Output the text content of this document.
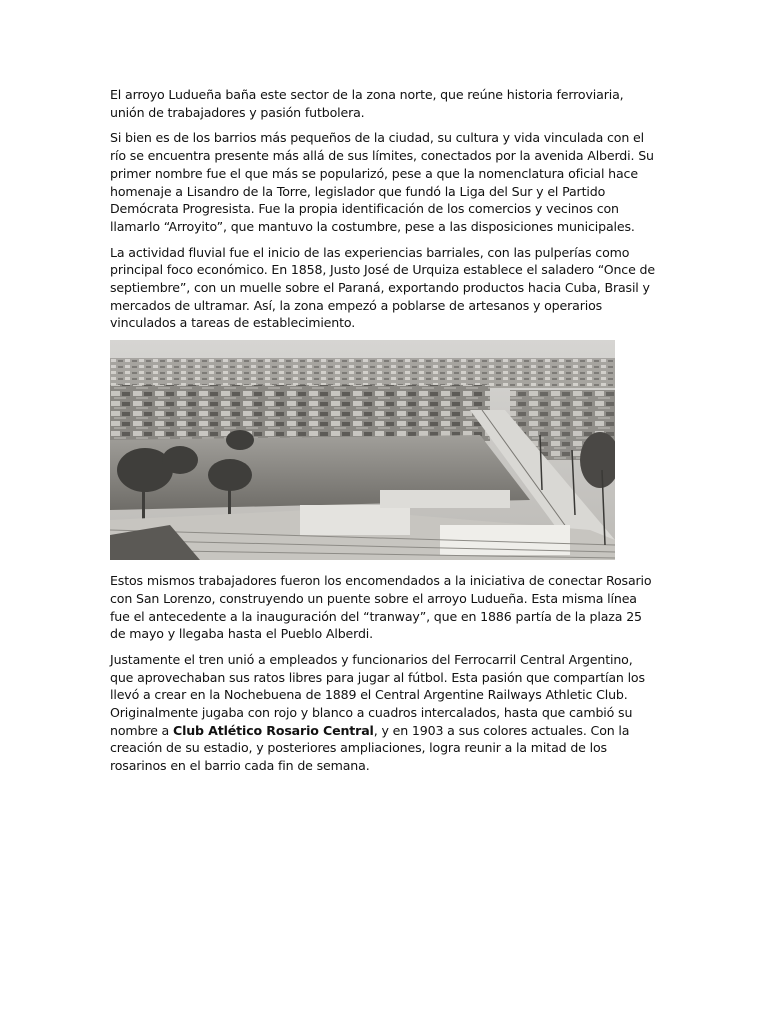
El arroyo Ludueña baña este sector de la zona norte, que reúne historia ferroviaria, unión de trabajadores y pasión futbolera.

Si bien es de los barrios más pequeños de la ciudad, su cultura y vida vinculada con el río se encuentra presente más allá de sus límites, conectados por la avenida Alberdi. Su primer nombre fue el que más se popularizó, pese a que la nomenclatura oficial hace homenaje a Lisandro de la Torre, legislador que fundó la Liga del Sur y el Partido Demócrata Progresista. Fue la propia identificación de los comercios y vecinos con llamarlo “Arroyito”, que mantuvo la costumbre, pese a las disposiciones municipales.

La actividad fluvial fue el inicio de las experiencias barriales, con las pulperías como principal foco económico. En 1858, Justo José de Urquiza establece el saladero “Once de septiembre”, con un muelle sobre el Paraná, exportando productos hacia Cuba, Brasil y mercados de ultramar. Así, la zona empezó a poblarse de artesanos y operarios vinculados a tareas de establecimiento.

Estos mismos trabajadores fueron los encomendados a la iniciativa de conectar Rosario con San Lorenzo, construyendo un puente sobre el arroyo Ludueña. Esta misma línea fue el antecedente a la inauguración del “tranway”, que en 1886 partía de la plaza 25 de mayo y llegaba hasta el Pueblo Alberdi.

Justamente el tren unió a empleados y funcionarios del Ferrocarril Central Argentino, que aprovechaban sus ratos libres para jugar al fútbol. Esta pasión que compartían los llevó a crear en la Nochebuena de 1889 el Central Argentine Railways Athletic Club. Originalmente jugaba con rojo y blanco a cuadros intercalados, hasta que cambió su nombre a Club Atlético Rosario Central, y en 1903 a sus colores actuales. Con la creación de su estadio, y posteriores ampliaciones, logra reunir a la mitad de los rosarinos en el barrio cada fin de semana.
